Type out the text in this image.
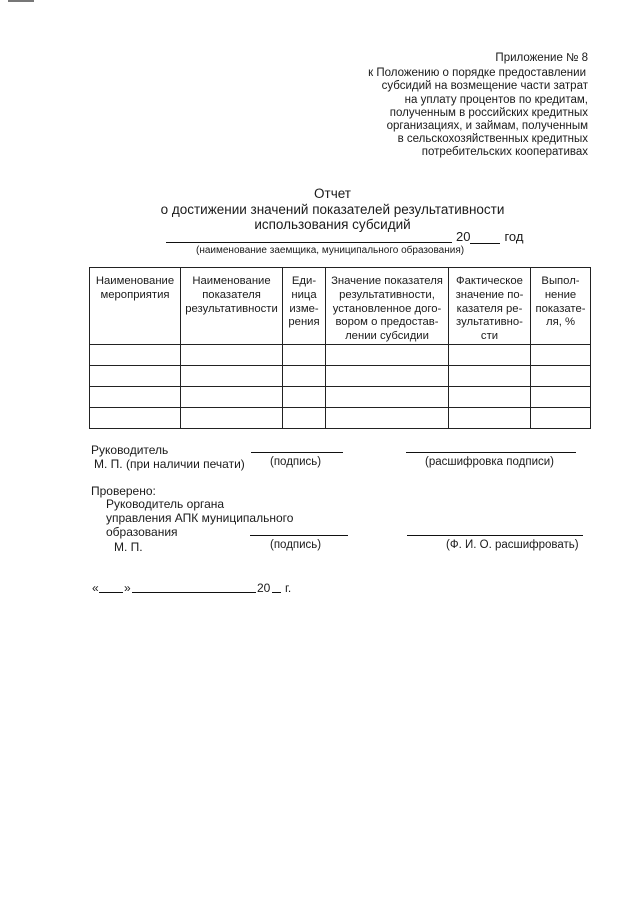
Приложение № 8
к Положению о порядке предоставлении
субсидий на возмещение части затрат
на уплату процентов по кредитам,
полученным в российских кредитных
организациях, и займам, полученным
в сельскохозяйственных кредитных
потребительских кооперативах
Отчет
о достижении значений показателей результативности
использования субсидий
20	год
(наименование заемщика, муниципального образования)
Наименование мероприятия	Наименование показателя результативности	Еди- ница изме- рения	Значение показателя результативности, установленное дого- вором о предостав- лении субсидии	Фактическое значение по- казателя ре- зультативно- сти	Выпол- нение показате- ля, %

Руководитель
М. П. (при наличии печати) (подпись)	(расшифровка подписи)
Проверено:
Руководитель органа
управления АПК муниципального
образования
М. П.	(подпись)	(Ф. И. О. расшифровать)
« »	20 г.
